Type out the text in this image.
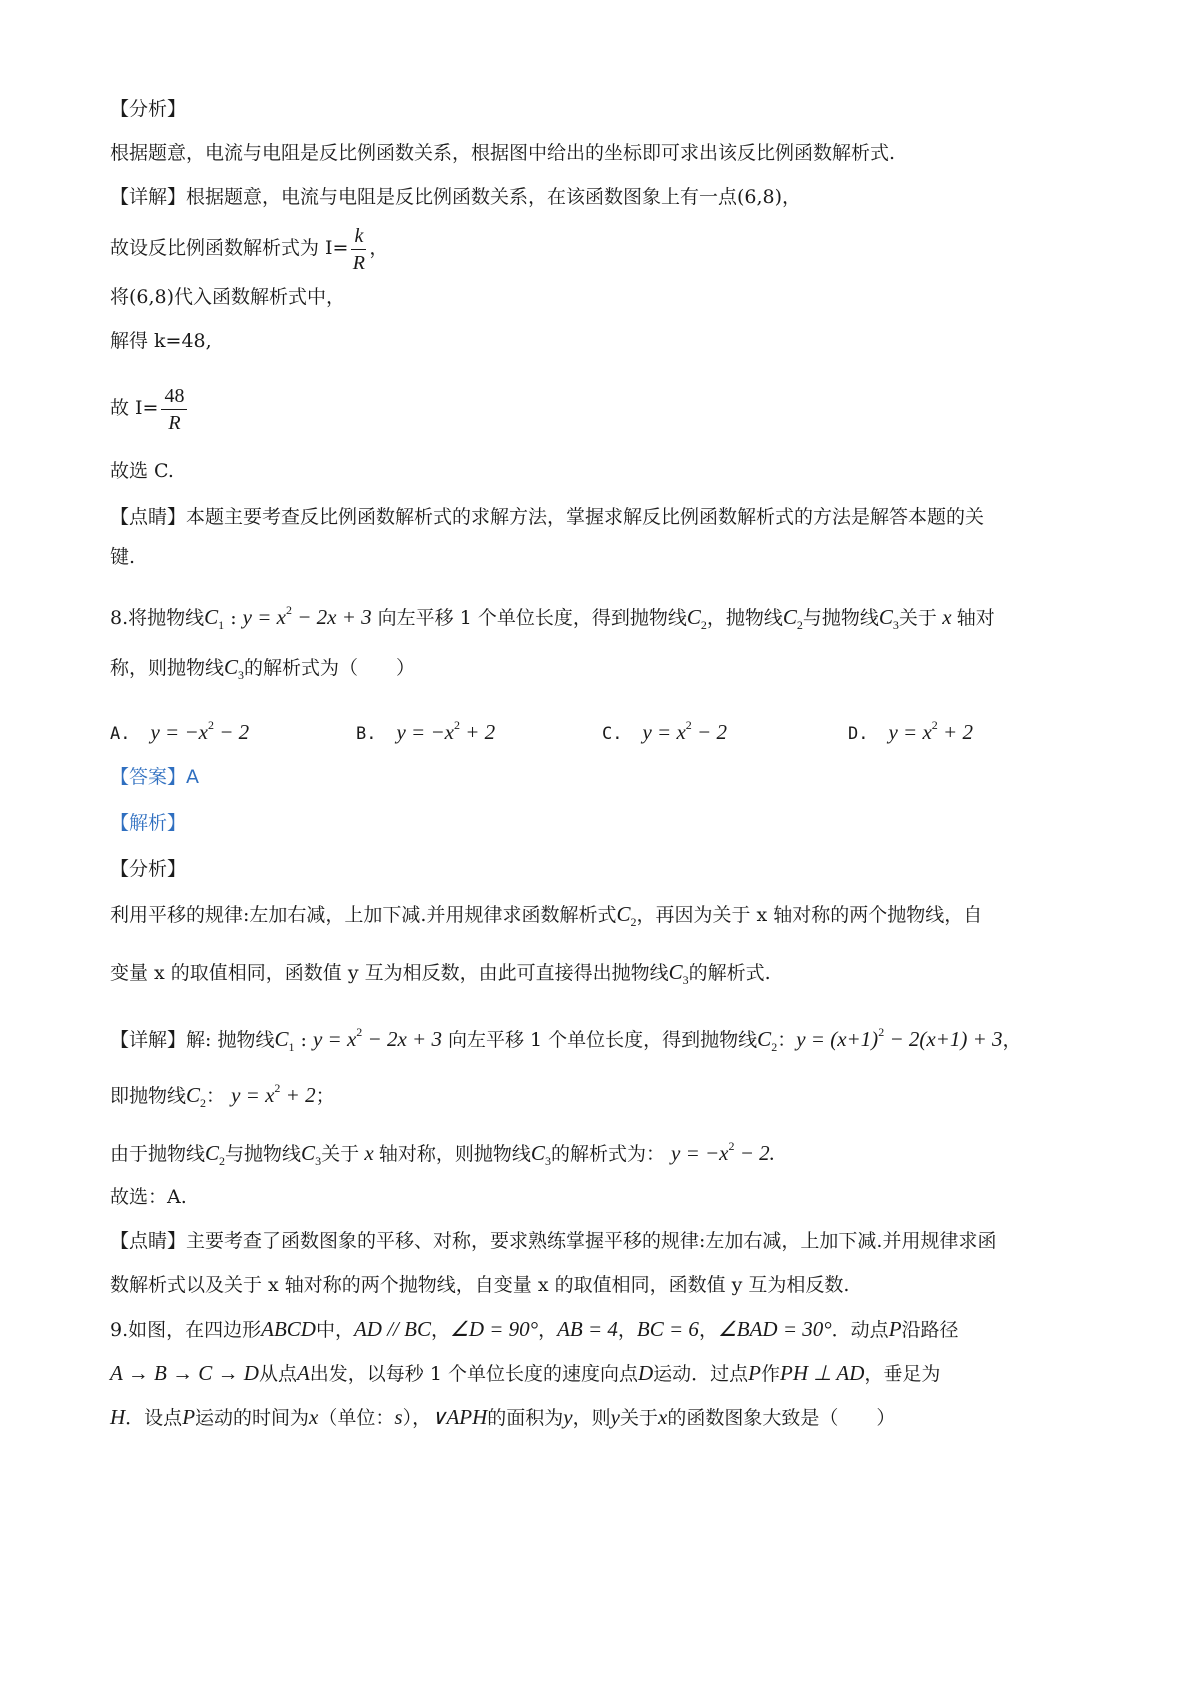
【分析】
根据题意，电流与电阻是反比例函数关系，根据图中给出的坐标即可求出该反比例函数解析式.
【详解】根据题意，电流与电阻是反比例函数关系，在该函数图象上有一点(6,8)，
故设反比例函数解析式为 $I= \frac{k}{R}$ ，
将(6,8)代入函数解析式中，
解得 k=48,
故 $I= \frac{48}{R}$
故选 C.
【点睛】本题主要考查反比例函数解析式的求解方法，掌握求解反比例函数解析式的方法是解答本题的关
键.
8.将抛物线$C_1$ : $y = x^2 - 2x + 3$ 向左平移 1 个单位长度，得到抛物线$C_2$，抛物线$C_2$与抛物线$C_3$关于 x 轴对
称，则抛物线$C_3$的解析式为（　　）
A. $y = -x^2 - 2$	B. $y = -x^2 + 2$	C. $y = x^2 - 2$	D. $y = x^2 + 2$
【答案】A
【解析】
【分析】
利用平移的规律:左加右减，上加下减.并用规律求函数解析式$C_2$，再因为关于 x 轴对称的两个抛物线，自
变量 x 的取值相同，函数值 y 互为相反数，由此可直接得出抛物线$C_3$的解析式.
【详解】解: 抛物线$C_1$ : $y = x^2 - 2x + 3$ 向左平移 1 个单位长度，得到抛物线$C_2$：$y = (x+1)^2 - 2(x+1) + 3$，
即抛物线$C_2$： $y = x^2 + 2$；
由于抛物线$C_2$与抛物线$C_3$关于 x 轴对称，则抛物线$C_3$的解析式为： $y = -x^2 - 2$.
故选：A.
【点睛】主要考查了函数图象的平移、对称，要求熟练掌握平移的规律:左加右减，上加下减.并用规律求函
数解析式以及关于 x 轴对称的两个抛物线，自变量 x 的取值相同，函数值 y 互为相反数.
9.如图，在四边形ABCD中，AD // BC，∠D = 90°，AB = 4，BC = 6，∠BAD = 30°．动点P沿路径
A → B → C → D从点A出发，以每秒 1 个单位长度的速度向点D运动．过点P作PH ⊥ AD，垂足为
H．设点P运动的时间为x（单位：s），∨APH的面积为y，则y关于x的函数图象大致是（　　）
